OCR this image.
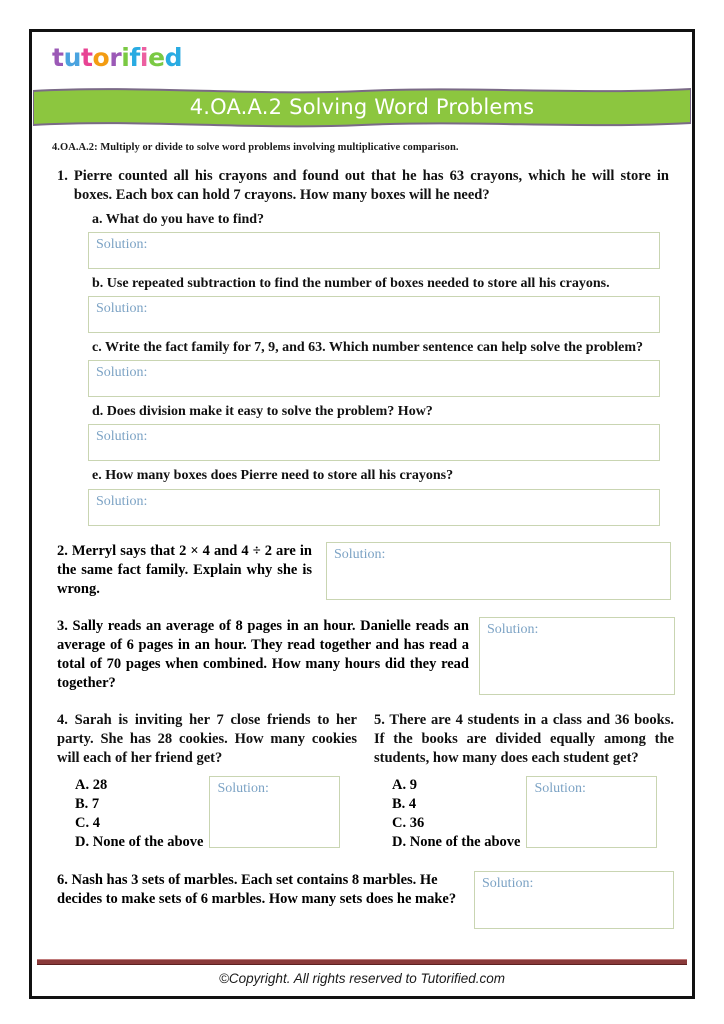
tutorified
4.OA.A.2 Solving Word Problems
4.OA.A.2: Multiply or divide to solve word problems involving multiplicative comparison.
1. Pierre counted all his crayons and found out that he has 63 crayons, which he will store in boxes. Each box can hold 7 crayons. How many boxes will he need?
a. What do you have to find?
Solution:
b. Use repeated subtraction to find the number of boxes needed to store all his crayons.
Solution:
c. Write the fact family for 7, 9, and 63. Which number sentence can help solve the problem?
Solution:
d. Does division make it easy to solve the problem? How?
Solution:
e. How many boxes does Pierre need to store all his crayons?
Solution:
2. Merryl says that 2 × 4 and 4 ÷ 2 are in the same fact family. Explain why she is wrong.
Solution:
3. Sally reads an average of 8 pages in an hour. Danielle reads an average of 6 pages in an hour. They read together and has read a total of 70 pages when combined. How many hours did they read together?
Solution:
4. Sarah is inviting her 7 close friends to her party. She has 28 cookies. How many cookies will each of her friend get?
A. 28
B. 7
C. 4
D. None of the above
Solution:
5. There are 4 students in a class and 36 books. If the books are divided equally among the students, how many does each student get?
A. 9
B. 4
C. 36
D. None of the above
Solution:
6. Nash has 3 sets of marbles. Each set contains 8 marbles. He decides to make sets of 6 marbles. How many sets does he make?
Solution:
©Copyright. All rights reserved to Tutorified.com
